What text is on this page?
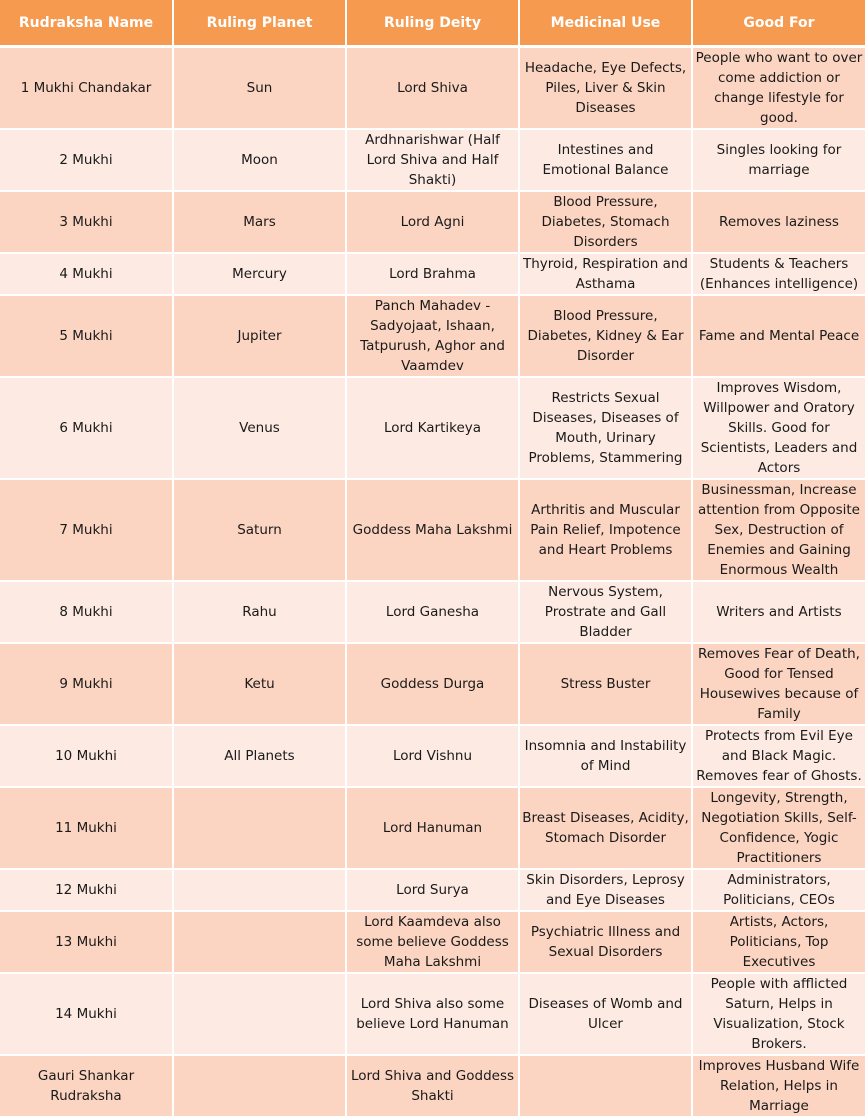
Rudraksha Name	Ruling Planet	Ruling Deity	Medicinal Use	Good For
1 Mukhi Chandakar	Sun	Lord Shiva	Headache, Eye Defects, Piles, Liver & Skin Diseases	People who want to over come addiction or change lifestyle for good.
2 Mukhi	Moon	Ardhnarishwar (Half Lord Shiva and Half Shakti)	Intestines and Emotional Balance	Singles looking for marriage
3 Mukhi	Mars	Lord Agni	Blood Pressure, Diabetes, Stomach Disorders	Removes laziness
4 Mukhi	Mercury	Lord Brahma	Thyroid, Respiration and Asthama	Students & Teachers (Enhances intelligence)
5 Mukhi	Jupiter	Panch Mahadev - Sadyojaat, Ishaan, Tatpurush, Aghor and Vaamdev	Blood Pressure, Diabetes, Kidney & Ear Disorder	Fame and Mental Peace
6 Mukhi	Venus	Lord Kartikeya	Restricts Sexual Diseases, Diseases of Mouth, Urinary Problems, Stammering	Improves Wisdom, Willpower and Oratory Skills. Good for Scientists, Leaders and Actors
7 Mukhi	Saturn	Goddess Maha Lakshmi	Arthritis and Muscular Pain Relief, Impotence and Heart Problems	Businessman, Increase attention from Opposite Sex, Destruction of Enemies and Gaining Enormous Wealth
8 Mukhi	Rahu	Lord Ganesha	Nervous System, Prostrate and Gall Bladder	Writers and Artists
9 Mukhi	Ketu	Goddess Durga	Stress Buster	Removes Fear of Death, Good for Tensed Housewives because of Family
10 Mukhi	All Planets	Lord Vishnu	Insomnia and Instability of Mind	Protects from Evil Eye and Black Magic. Removes fear of Ghosts.
11 Mukhi		Lord Hanuman	Breast Diseases, Acidity, Stomach Disorder	Longevity, Strength, Negotiation Skills, Self-Confidence, Yogic Practitioners
12 Mukhi		Lord Surya	Skin Disorders, Leprosy and Eye Diseases	Administrators, Politicians, CEOs
13 Mukhi		Lord Kaamdeva also some believe Goddess Maha Lakshmi	Psychiatric Illness and Sexual Disorders	Artists, Actors, Politicians, Top Executives
14 Mukhi		Lord Shiva also some believe Lord Hanuman	Diseases of Womb and Ulcer	People with afflicted Saturn, Helps in Visualization, Stock Brokers.
Gauri Shankar Rudraksha		Lord Shiva and Goddess Shakti		Improves Husband Wife Relation, Helps in Marriage
